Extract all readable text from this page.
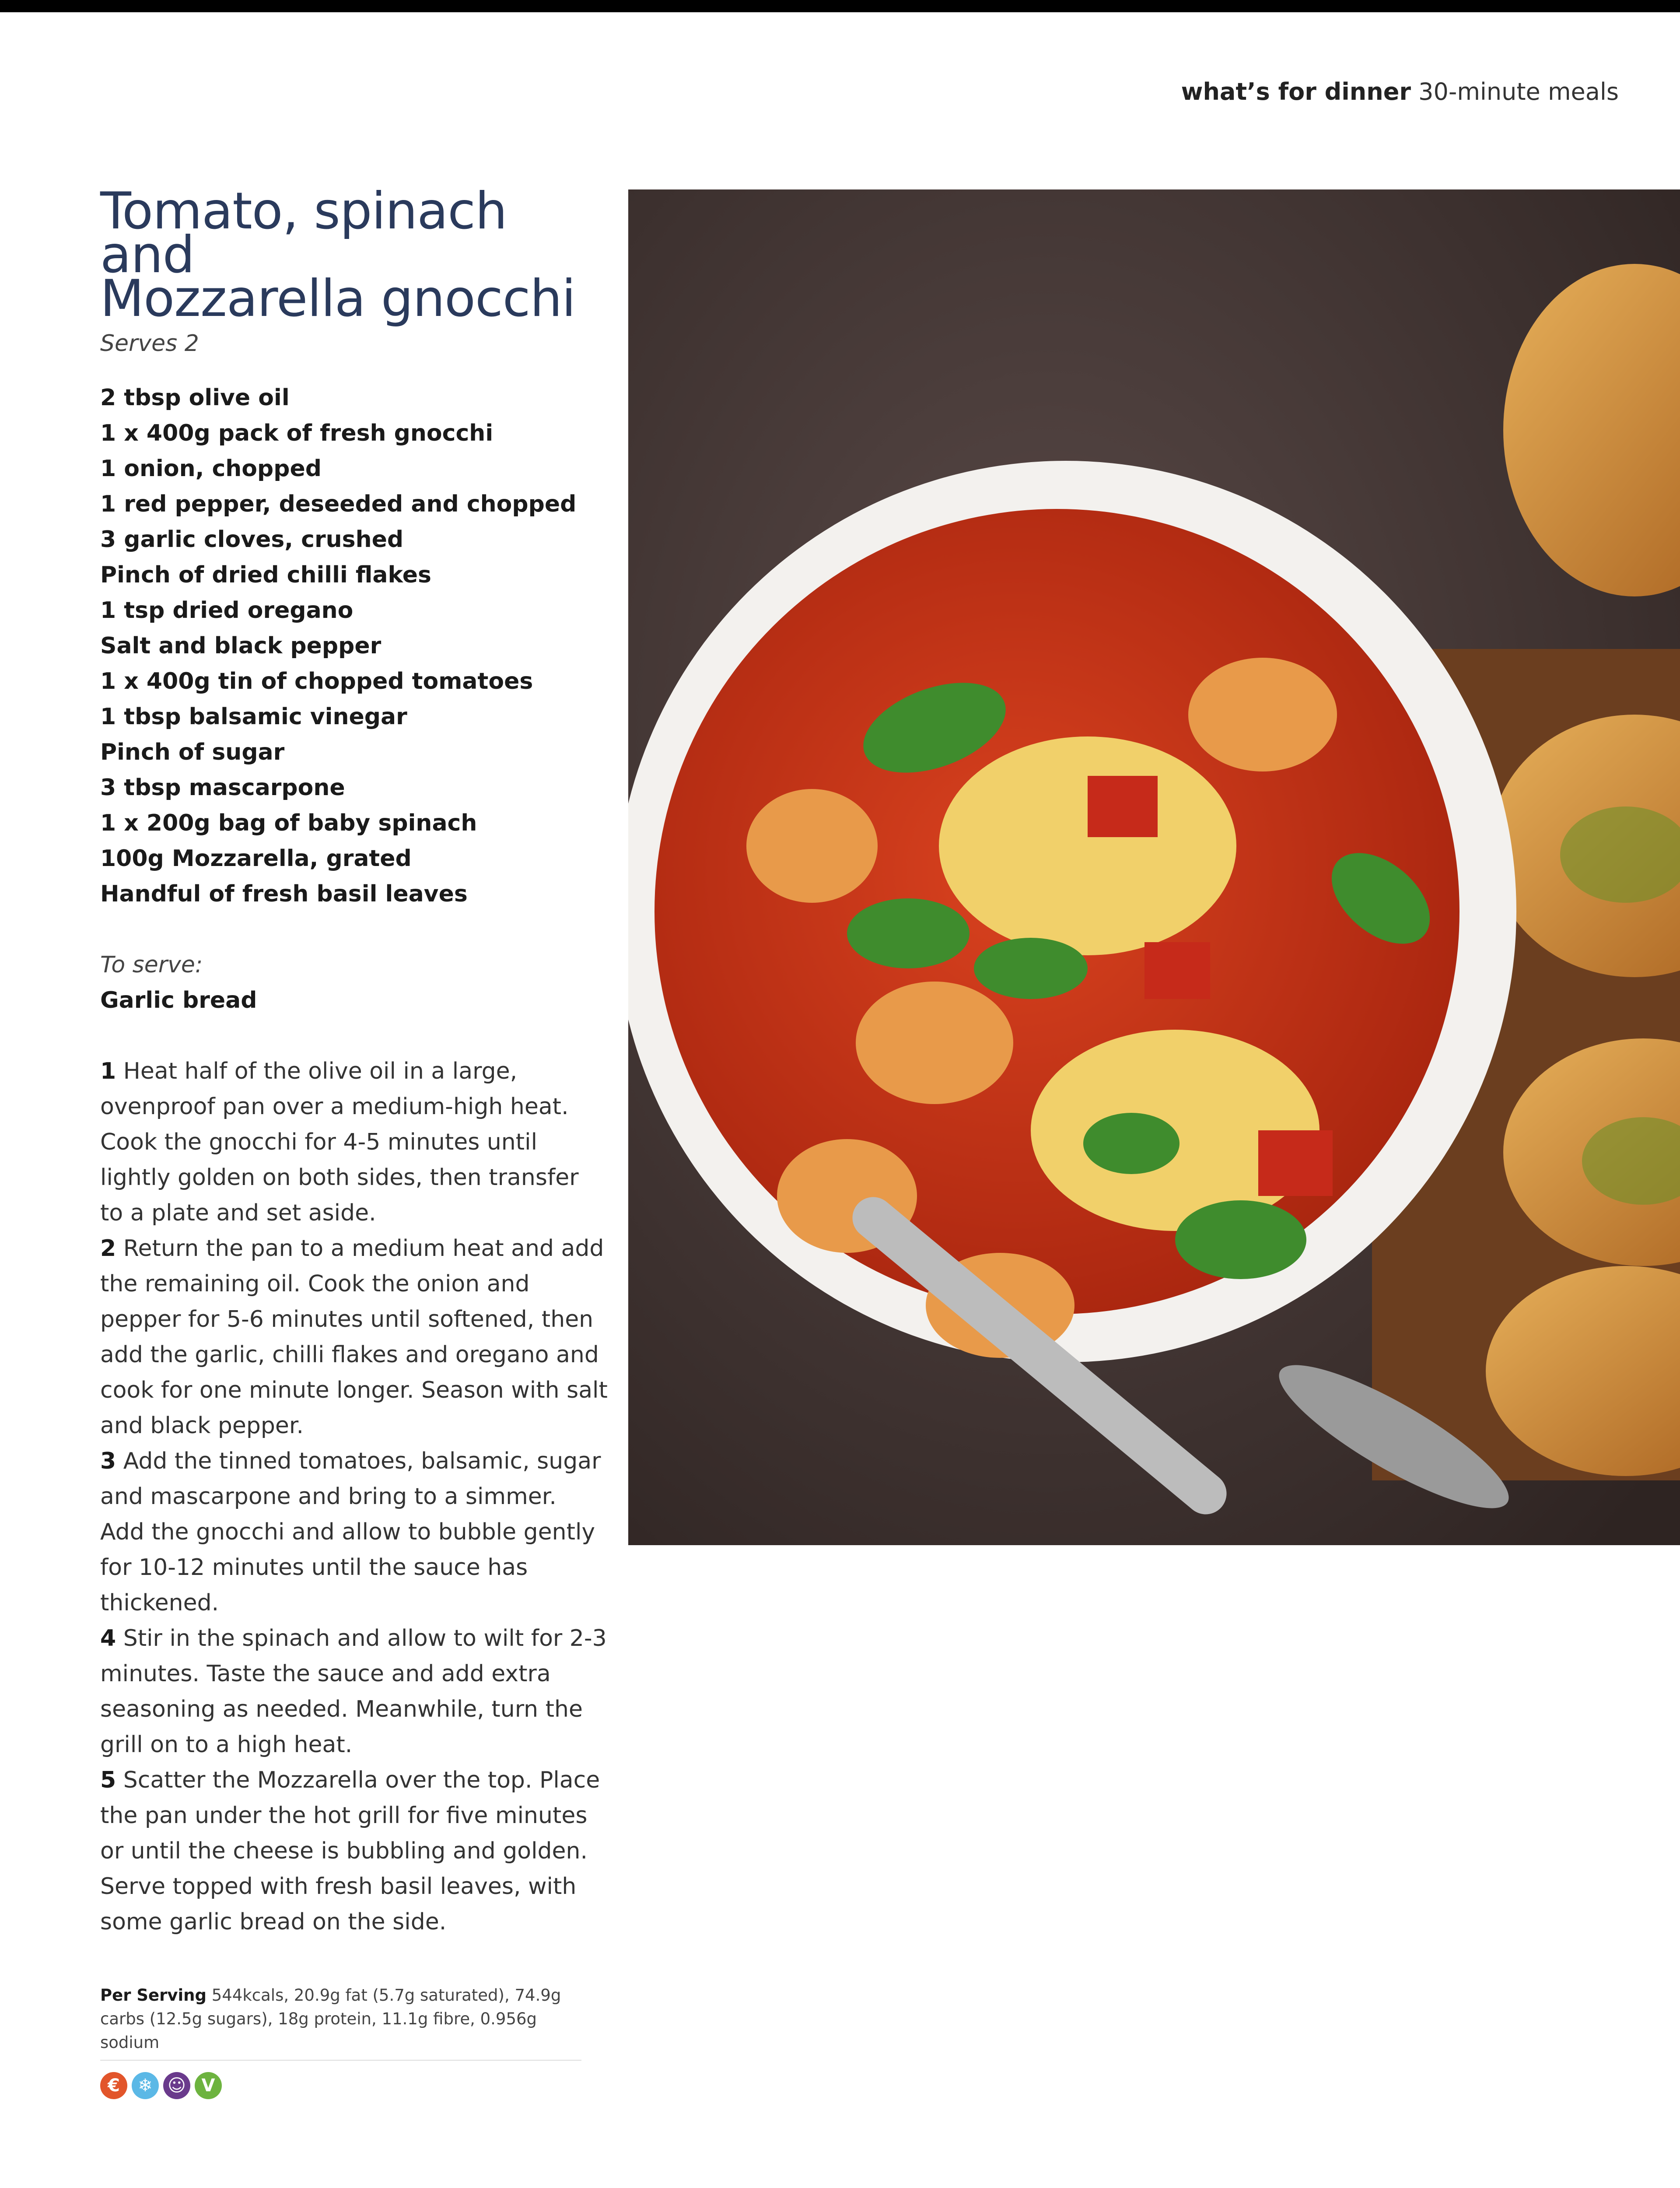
what’s for dinner 30-minute meals
Tomato, spinach and
Mozzarella gnocchi
Serves 2
2 tbsp olive oil
1 x 400g pack of fresh gnocchi
1 onion, chopped
1 red pepper, deseeded and chopped
3 garlic cloves, crushed
Pinch of dried chilli flakes
1 tsp dried oregano
Salt and black pepper
1 x 400g tin of chopped tomatoes
1 tbsp balsamic vinegar
Pinch of sugar
3 tbsp mascarpone
1 x 200g bag of baby spinach
100g Mozzarella, grated
Handful of fresh basil leaves
To serve:
Garlic bread
1 Heat half of the olive oil in a large, ovenproof pan over a medium-high heat. Cook the gnocchi for 4-5 minutes until lightly golden on both sides, then transfer to a plate and set aside.
2 Return the pan to a medium heat and add the remaining oil. Cook the onion and pepper for 5-6 minutes until softened, then add the garlic, chilli flakes and oregano and cook for one minute longer. Season with salt and black pepper.
3 Add the tinned tomatoes, balsamic, sugar and mascarpone and bring to a simmer. Add the gnocchi and allow to bubble gently for 10-12 minutes until the sauce has thickened.
4 Stir in the spinach and allow to wilt for 2-3 minutes. Taste the sauce and add extra seasoning as needed. Meanwhile, turn the grill on to a high heat.
5 Scatter the Mozzarella over the top. Place the pan under the hot grill for five minutes or until the cheese is bubbling and golden. Serve topped with fresh basil leaves, with some garlic bread on the side.
Per Serving 544kcals, 20.9g fat (5.7g saturated), 74.9g carbs (12.5g sugars), 18g protein, 11.1g fibre, 0.956g sodium
€	❄ ☺ V
